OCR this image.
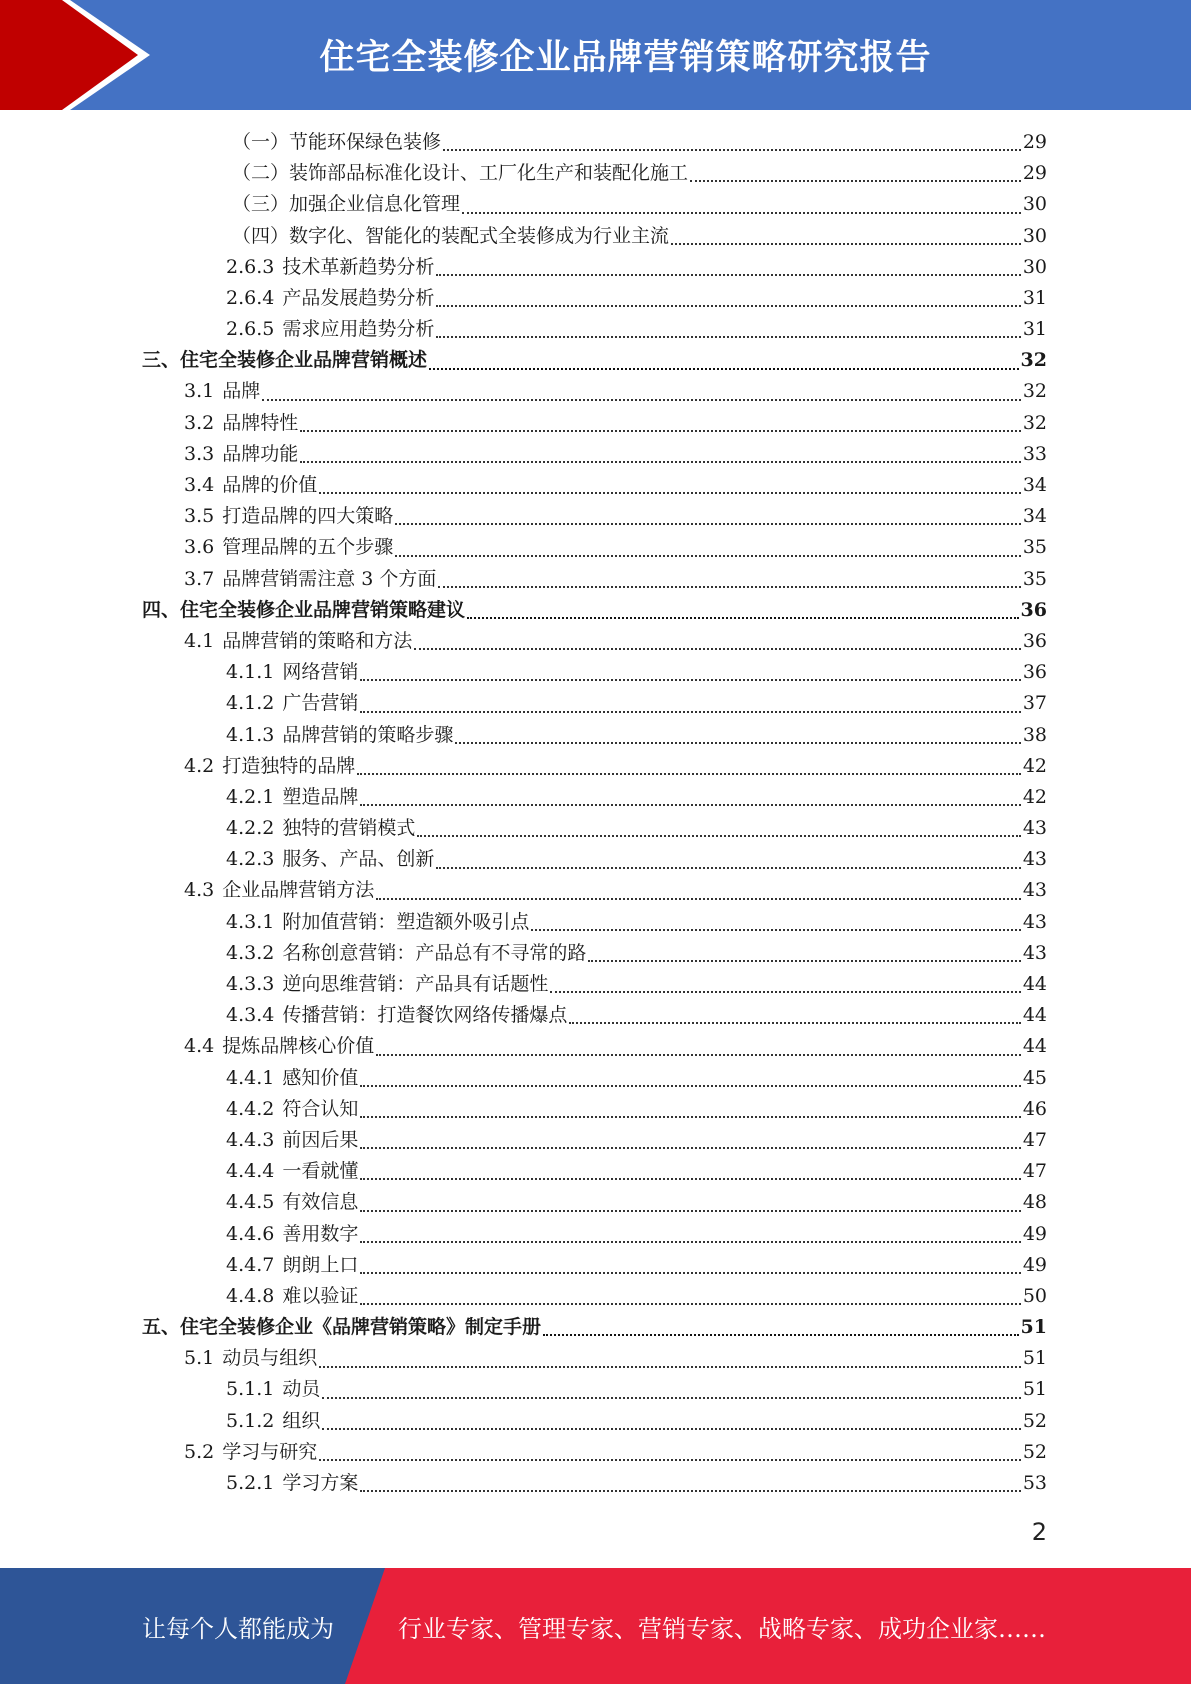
住宅全装修企业品牌营销策略研究报告
（一）节能环保绿色装修	29
（二）装饰部品标准化设计、工厂化生产和装配化施工	29
（三）加强企业信息化管理	30
（四）数字化、智能化的装配式全装修成为行业主流	30
2.6.3 技术革新趋势分析	30
2.6.4 产品发展趋势分析	31
2.6.5 需求应用趋势分析	31
三、住宅全装修企业品牌营销概述	32
3.1 品牌	32
3.2 品牌特性	32
3.3 品牌功能	33
3.4 品牌的价值	34
3.5 打造品牌的四大策略	34
3.6 管理品牌的五个步骤	35
3.7 品牌营销需注意 3 个方面	35
四、住宅全装修企业品牌营销策略建议	36
4.1 品牌营销的策略和方法	36
4.1.1 网络营销	36
4.1.2 广告营销	37
4.1.3 品牌营销的策略步骤	38
4.2 打造独特的品牌	42
4.2.1 塑造品牌	42
4.2.2 独特的营销模式	43
4.2.3 服务、产品、创新	43
4.3 企业品牌营销方法	43
4.3.1 附加值营销：塑造额外吸引点	43
4.3.2 名称创意营销：产品总有不寻常的路	43
4.3.3 逆向思维营销：产品具有话题性	44
4.3.4 传播营销：打造餐饮网络传播爆点	44
4.4 提炼品牌核心价值	44
4.4.1 感知价值	45
4.4.2 符合认知	46
4.4.3 前因后果	47
4.4.4 一看就懂	47
4.4.5 有效信息	48
4.4.6 善用数字	49
4.4.7 朗朗上口	49
4.4.8 难以验证	50
五、住宅全装修企业《品牌营销策略》制定手册	51
5.1 动员与组织	51
5.1.1 动员	51
5.1.2 组织	52
5.2 学习与研究	52
5.2.1 学习方案	53
2
让每个人都能成为	行业专家、管理专家、营销专家、战略专家、成功企业家……
